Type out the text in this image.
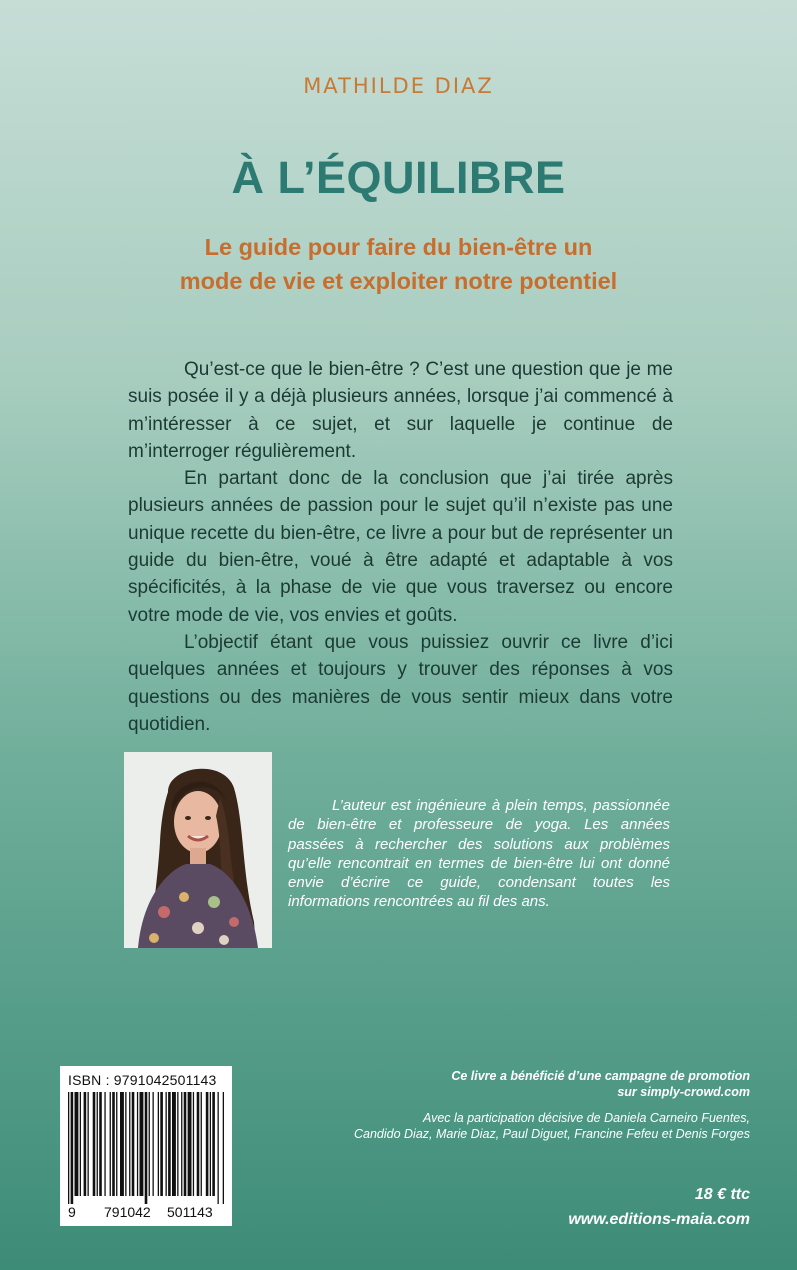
MATHILDE DIAZ
À L’ÉQUILIBRE
Le guide pour faire du bien-être un
mode de vie et exploiter notre potentiel

Qu’est-ce que le bien-être ? C’est une question que je me suis posée il y a déjà plusieurs années, lorsque j’ai commencé à m’intéresser à ce sujet, et sur laquelle je continue de m’interroger régulièrement.

En partant donc de la conclusion que j’ai tirée après plusieurs années de passion pour le sujet qu’il n’existe pas une unique recette du bien-être, ce livre a pour but de représenter un guide du bien-être, voué à être adapté et adaptable à vos spécificités, à la phase de vie que vous traversez ou encore votre mode de vie, vos envies et goûts.

L’objectif étant que vous puissiez ouvrir ce livre d’ici quelques années et toujours y trouver des réponses à vos questions ou des manières de vous sentir mieux dans votre quotidien.

L’auteur est ingénieure à plein temps, passionnée de bien-être et professeure de yoga. Les années passées à rechercher des solutions aux problèmes qu’elle rencontrait en termes de bien-être lui ont donné envie d’écrire ce guide, condensant toutes les informations rencontrées au fil des ans.

ISBN : 9791042501143
9 791042 501143
Ce livre a bénéficié d’une campagne de promotion
sur simply-crowd.com
Avec la participation décisive de Daniela Carneiro Fuentes,
Candido Diaz, Marie Diaz, Paul Diguet, Francine Fefeu et Denis Forges
18 € ttc
www.editions-maia.com
